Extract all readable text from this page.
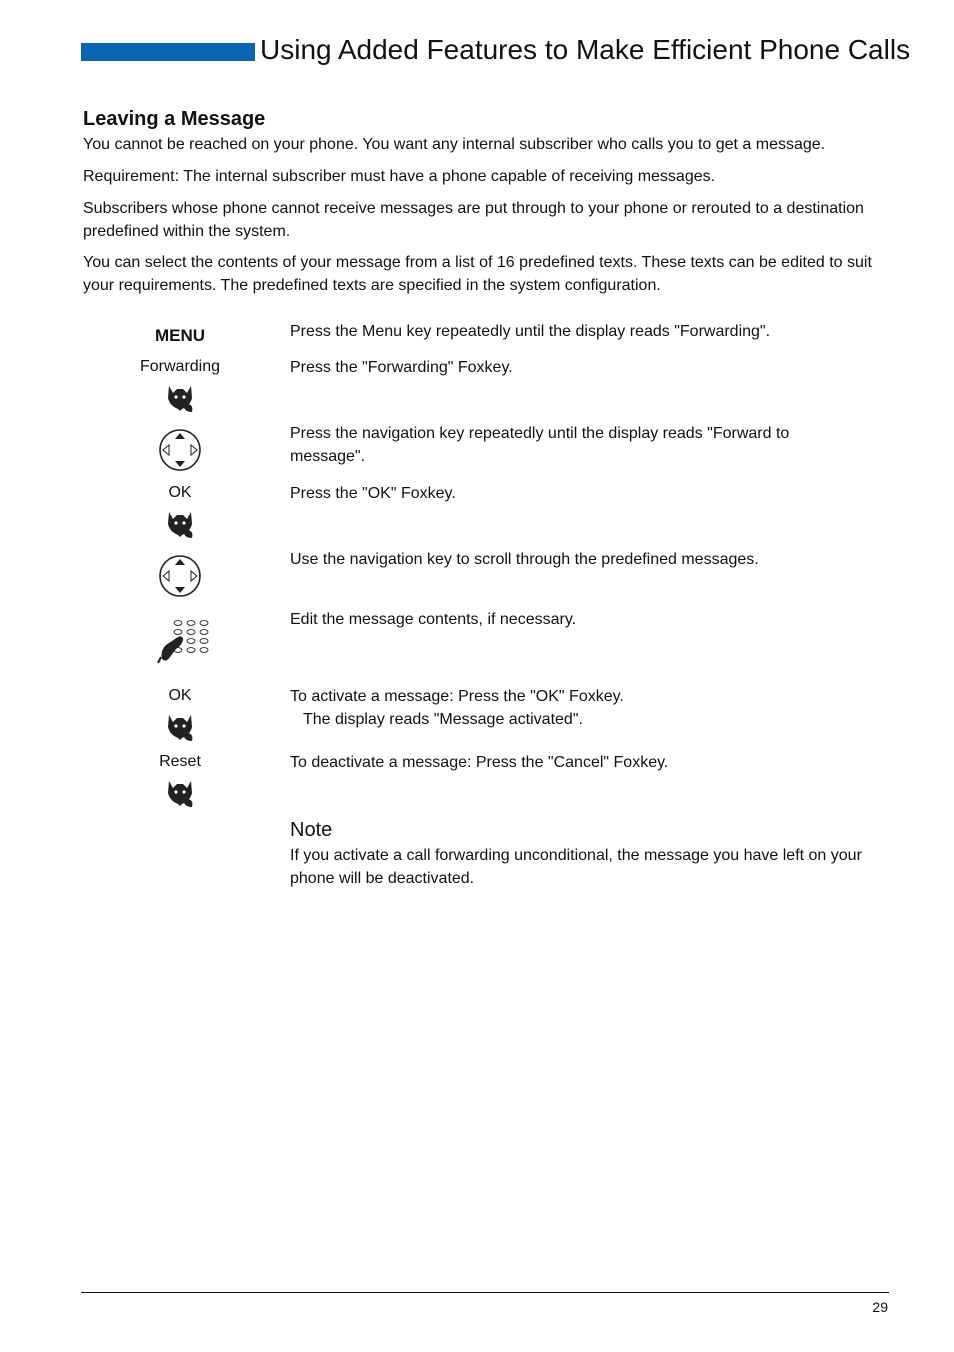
Using Added Features to Make Efficient Phone Calls
Leaving a Message
You cannot be reached on your phone. You want any internal subscriber who calls you to get a message.
Requirement: The internal subscriber must have a phone capable of receiving messages.
Subscribers whose phone cannot receive messages are put through to your phone or rerouted to a destination predefined within the system.
You can select the contents of your message from a list of 16 predefined texts. These texts can be edited to suit your requirements. The predefined texts are specified in the system configuration.
MENU	Press the Menu key repeatedly until the display reads "Forwarding".
Forwarding	Press the "Forwarding" Foxkey.
Press the navigation key repeatedly until the display reads "Forward to message".
OK	Press the "OK" Foxkey.
Use the navigation key to scroll through the predefined messages.
Edit the message contents, if necessary.
OK	To activate a message: Press the "OK" Foxkey.
The display reads "Message activated".
Reset	To deactivate a message: Press the "Cancel" Foxkey.
Note
If you activate a call forwarding unconditional, the message you have left on your phone will be deactivated.
29
